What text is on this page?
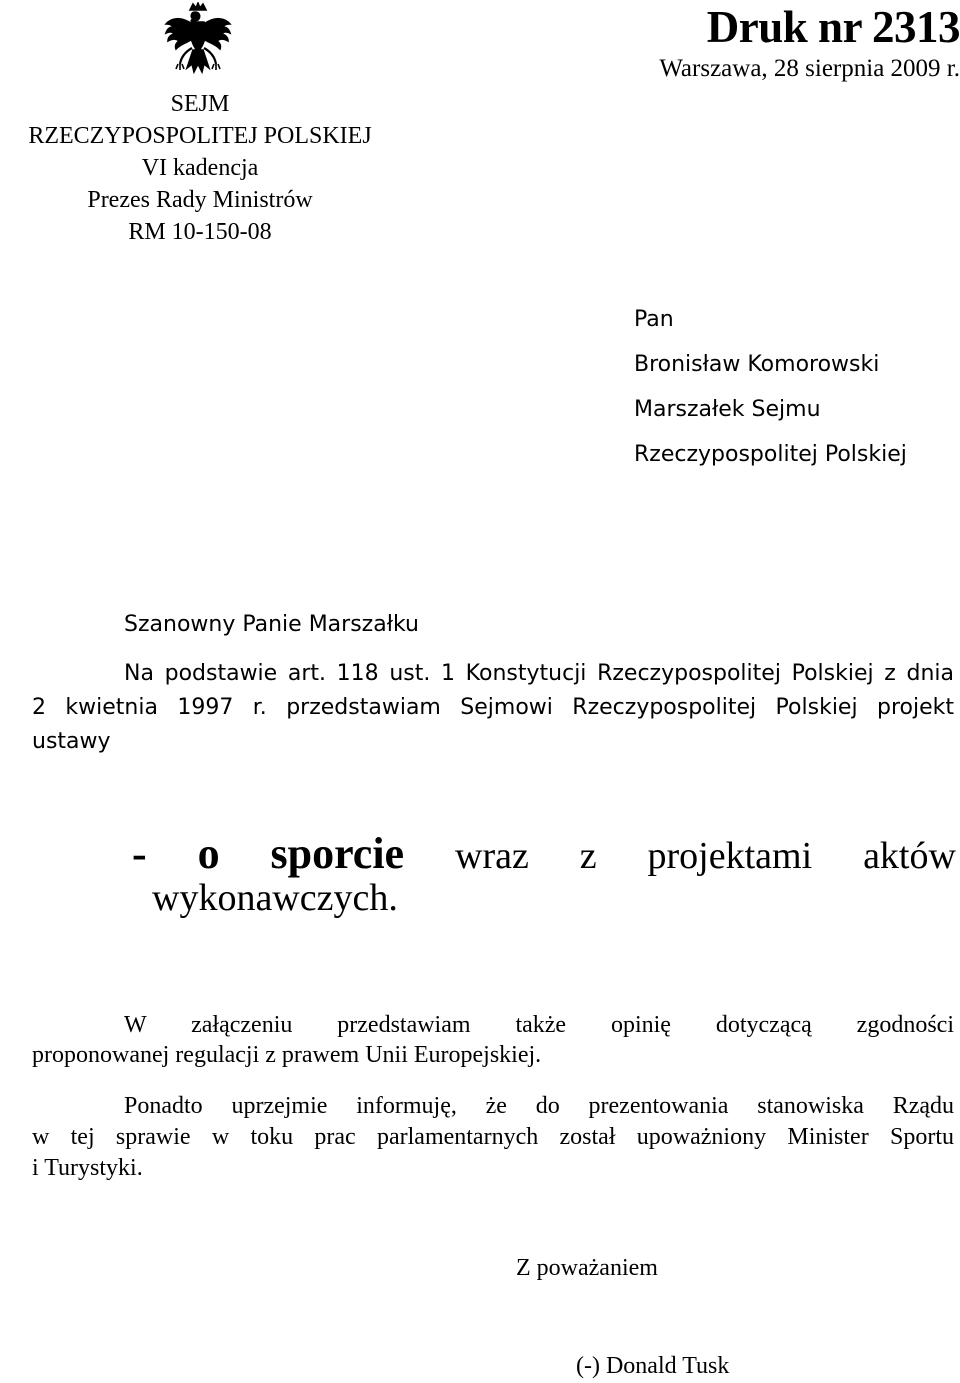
SEJM
RZECZYPOSPOLITEJ POLSKIEJ
VI kadencja
Prezes Rady Ministrów
RM 10-150-08
Druk nr 2313
Warszawa, 28 sierpnia 2009 r.
Pan
Bronisław Komorowski
Marszałek Sejmu
Rzeczypospolitej Polskiej
Szanowny Panie Marszałku
Na podstawie art. 118 ust. 1 Konstytucji Rzeczypospolitej Polskiej z dnia
2 kwietnia 1997 r. przedstawiam Sejmowi Rzeczypospolitej Polskiej projekt
ustawy
- o sporcie wraz z projektami aktów
wykonawczych.
W załączeniu przedstawiam także opinię dotyczącą zgodności
proponowanej regulacji z prawem Unii Europejskiej.
Ponadto uprzejmie informuję, że do prezentowania stanowiska Rządu
w tej sprawie w toku prac parlamentarnych został upoważniony Minister Sportu
i Turystyki.
Z poważaniem
(-) Donald Tusk
